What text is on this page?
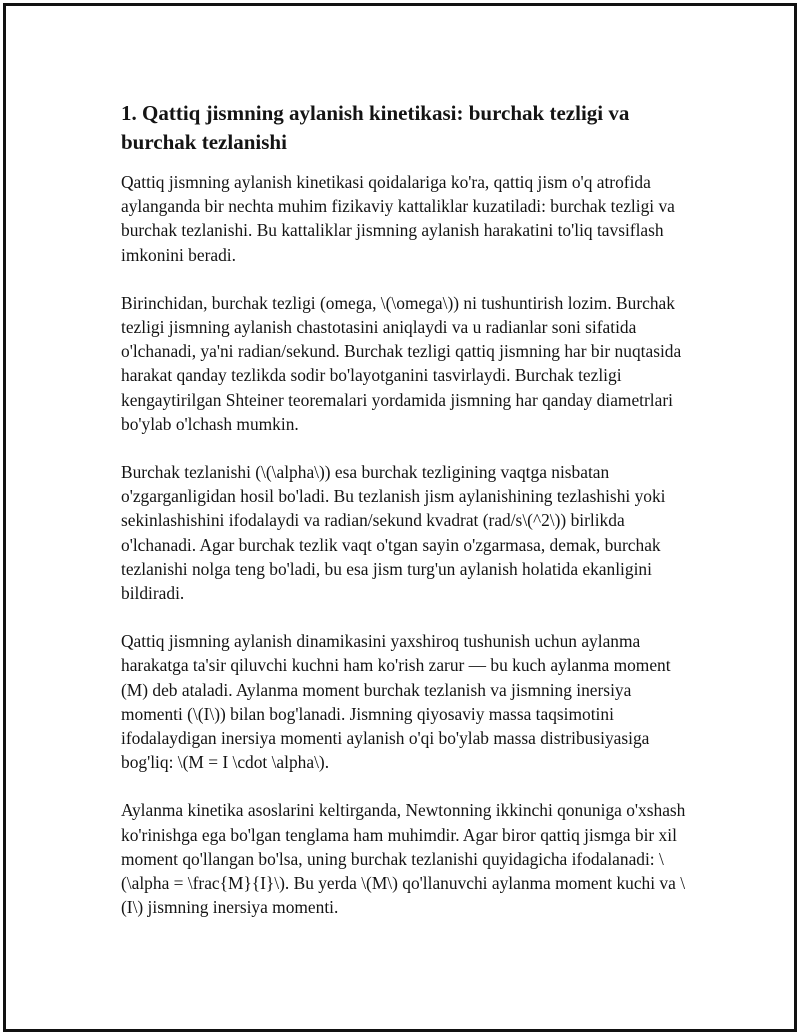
1. Qattiq jismning aylanish kinetikasi: burchak tezligi va burchak tezlanishi

Qattiq jismning aylanish kinetikasi qoidalariga ko'ra, qattiq jism o'q atrofida aylanganda bir nechta muhim fizikaviy kattaliklar kuzatiladi: burchak tezligi va burchak tezlanishi. Bu kattaliklar jismning aylanish harakatini to'liq tavsiflash imkonini beradi.

Birinchidan, burchak tezligi (omega, \(\omega\)) ni tushuntirish lozim. Burchak tezligi jismning aylanish chastotasini aniqlaydi va u radianlar soni sifatida o'lchanadi, ya'ni radian/sekund. Burchak tezligi qattiq jismning har bir nuqtasida harakat qanday tezlikda sodir bo'layotganini tasvirlaydi. Burchak tezligi kengaytirilgan Shteiner teoremalari yordamida jismning har qanday diametrlari bo'ylab o'lchash mumkin.

Burchak tezlanishi (\(\alpha\)) esa burchak tezligining vaqtga nisbatan o'zgarganligidan hosil bo'ladi. Bu tezlanish jism aylanishining tezlashishi yoki sekinlashishini ifodalaydi va radian/sekund kvadrat (rad/s\(^2\)) birlikda o'lchanadi. Agar burchak tezlik vaqt o'tgan sayin o'zgarmasa, demak, burchak tezlanishi nolga teng bo'ladi, bu esa jism turg'un aylanish holatida ekanligini bildiradi.

Qattiq jismning aylanish dinamikasini yaxshiroq tushunish uchun aylanma harakatga ta'sir qiluvchi kuchni ham ko'rish zarur — bu kuch aylanma moment (M) deb ataladi. Aylanma moment burchak tezlanish va jismning inersiya momenti (\(I\)) bilan bog'lanadi. Jismning qiyosaviy massa taqsimotini ifodalaydigan inersiya momenti aylanish o'qi bo'ylab massa distribusiyasiga bog'liq: \(M = I \cdot \alpha\).

Aylanma kinetika asoslarini keltirganda, Newtonning ikkinchi qonuniga o'xshash ko'rinishga ega bo'lgan tenglama ham muhimdir. Agar biror qattiq jismga bir xil moment qo'llangan bo'lsa, uning burchak tezlanishi quyidagicha ifodalanadi: \(\alpha = \frac{M}{I}\). Bu yerda \(M\) qo'llanuvchi aylanma moment kuchi va \(I\) jismning inersiya momenti.
